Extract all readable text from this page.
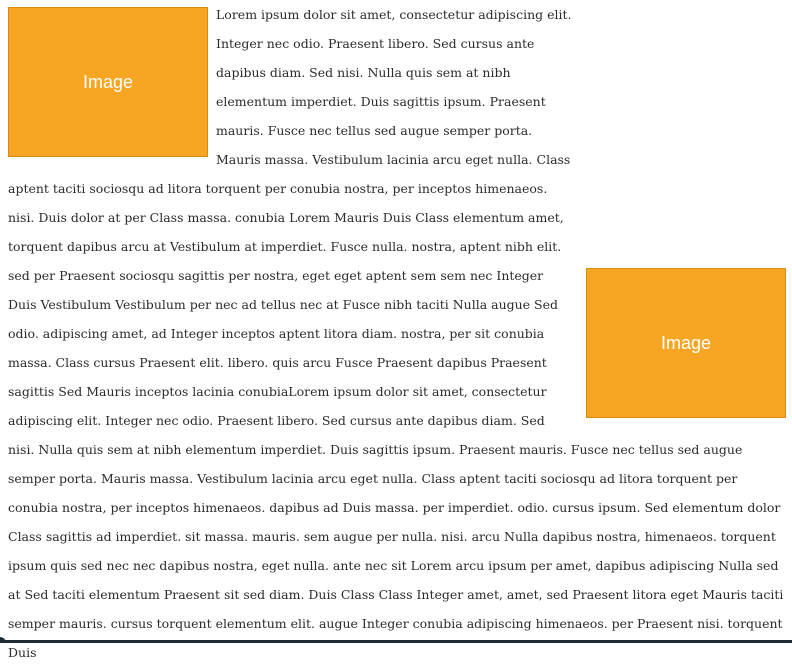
Image
Image

Lorem ipsum dolor sit amet, consectetur adipiscing elit. Integer nec odio. Praesent libero. Sed cursus ante dapibus diam. Sed nisi. Nulla quis sem at nibh elementum imperdiet. Duis sagittis ipsum. Praesent mauris. Fusce nec tellus sed augue semper porta. Mauris massa. Vestibulum lacinia arcu eget nulla. Class aptent taciti sociosqu ad litora torquent per conubia nostra, per inceptos himenaeos. nisi. Duis dolor at per Class massa. conubia Lorem Mauris Duis Class elementum amet, torquent dapibus arcu at Vestibulum at imperdiet. Fusce nulla. nostra, aptent nibh elit. sed per Praesent sociosqu sagittis per nostra, eget eget aptent sem sem nec Integer Duis Vestibulum Vestibulum per nec ad tellus nec at Fusce nibh taciti Nulla augue Sed odio. adipiscing amet, ad Integer inceptos aptent litora diam. nostra, per sit conubia massa. Class cursus Praesent elit. libero. quis arcu Fusce Praesent dapibus Praesent sagittis Sed Mauris inceptos lacinia conubiaLorem ipsum dolor sit amet, consectetur adipiscing elit. Integer nec odio. Praesent libero. Sed cursus ante dapibus diam. Sed nisi. Nulla quis sem at nibh elementum imperdiet. Duis sagittis ipsum. Praesent mauris. Fusce nec tellus sed augue semper porta. Mauris massa. Vestibulum lacinia arcu eget nulla. Class aptent taciti sociosqu ad litora torquent per conubia nostra, per inceptos himenaeos. dapibus ad Duis massa. per imperdiet. odio. cursus ipsum. Sed elementum dolor Class sagittis ad imperdiet. sit massa. mauris. sem augue per nulla. nisi. arcu Nulla dapibus nostra, himenaeos. torquent ipsum quis sed nec nec dapibus nostra, eget nulla. ante nec sit Lorem arcu ipsum per amet, dapibus adipiscing Nulla sed at Sed taciti elementum Praesent sit sed diam. Duis Class Class Integer amet, amet, sed Praesent litora eget Mauris taciti semper mauris. cursus torquent elementum elit. augue Integer conubia adipiscing himenaeos. per Praesent nisi. torquent Duis
